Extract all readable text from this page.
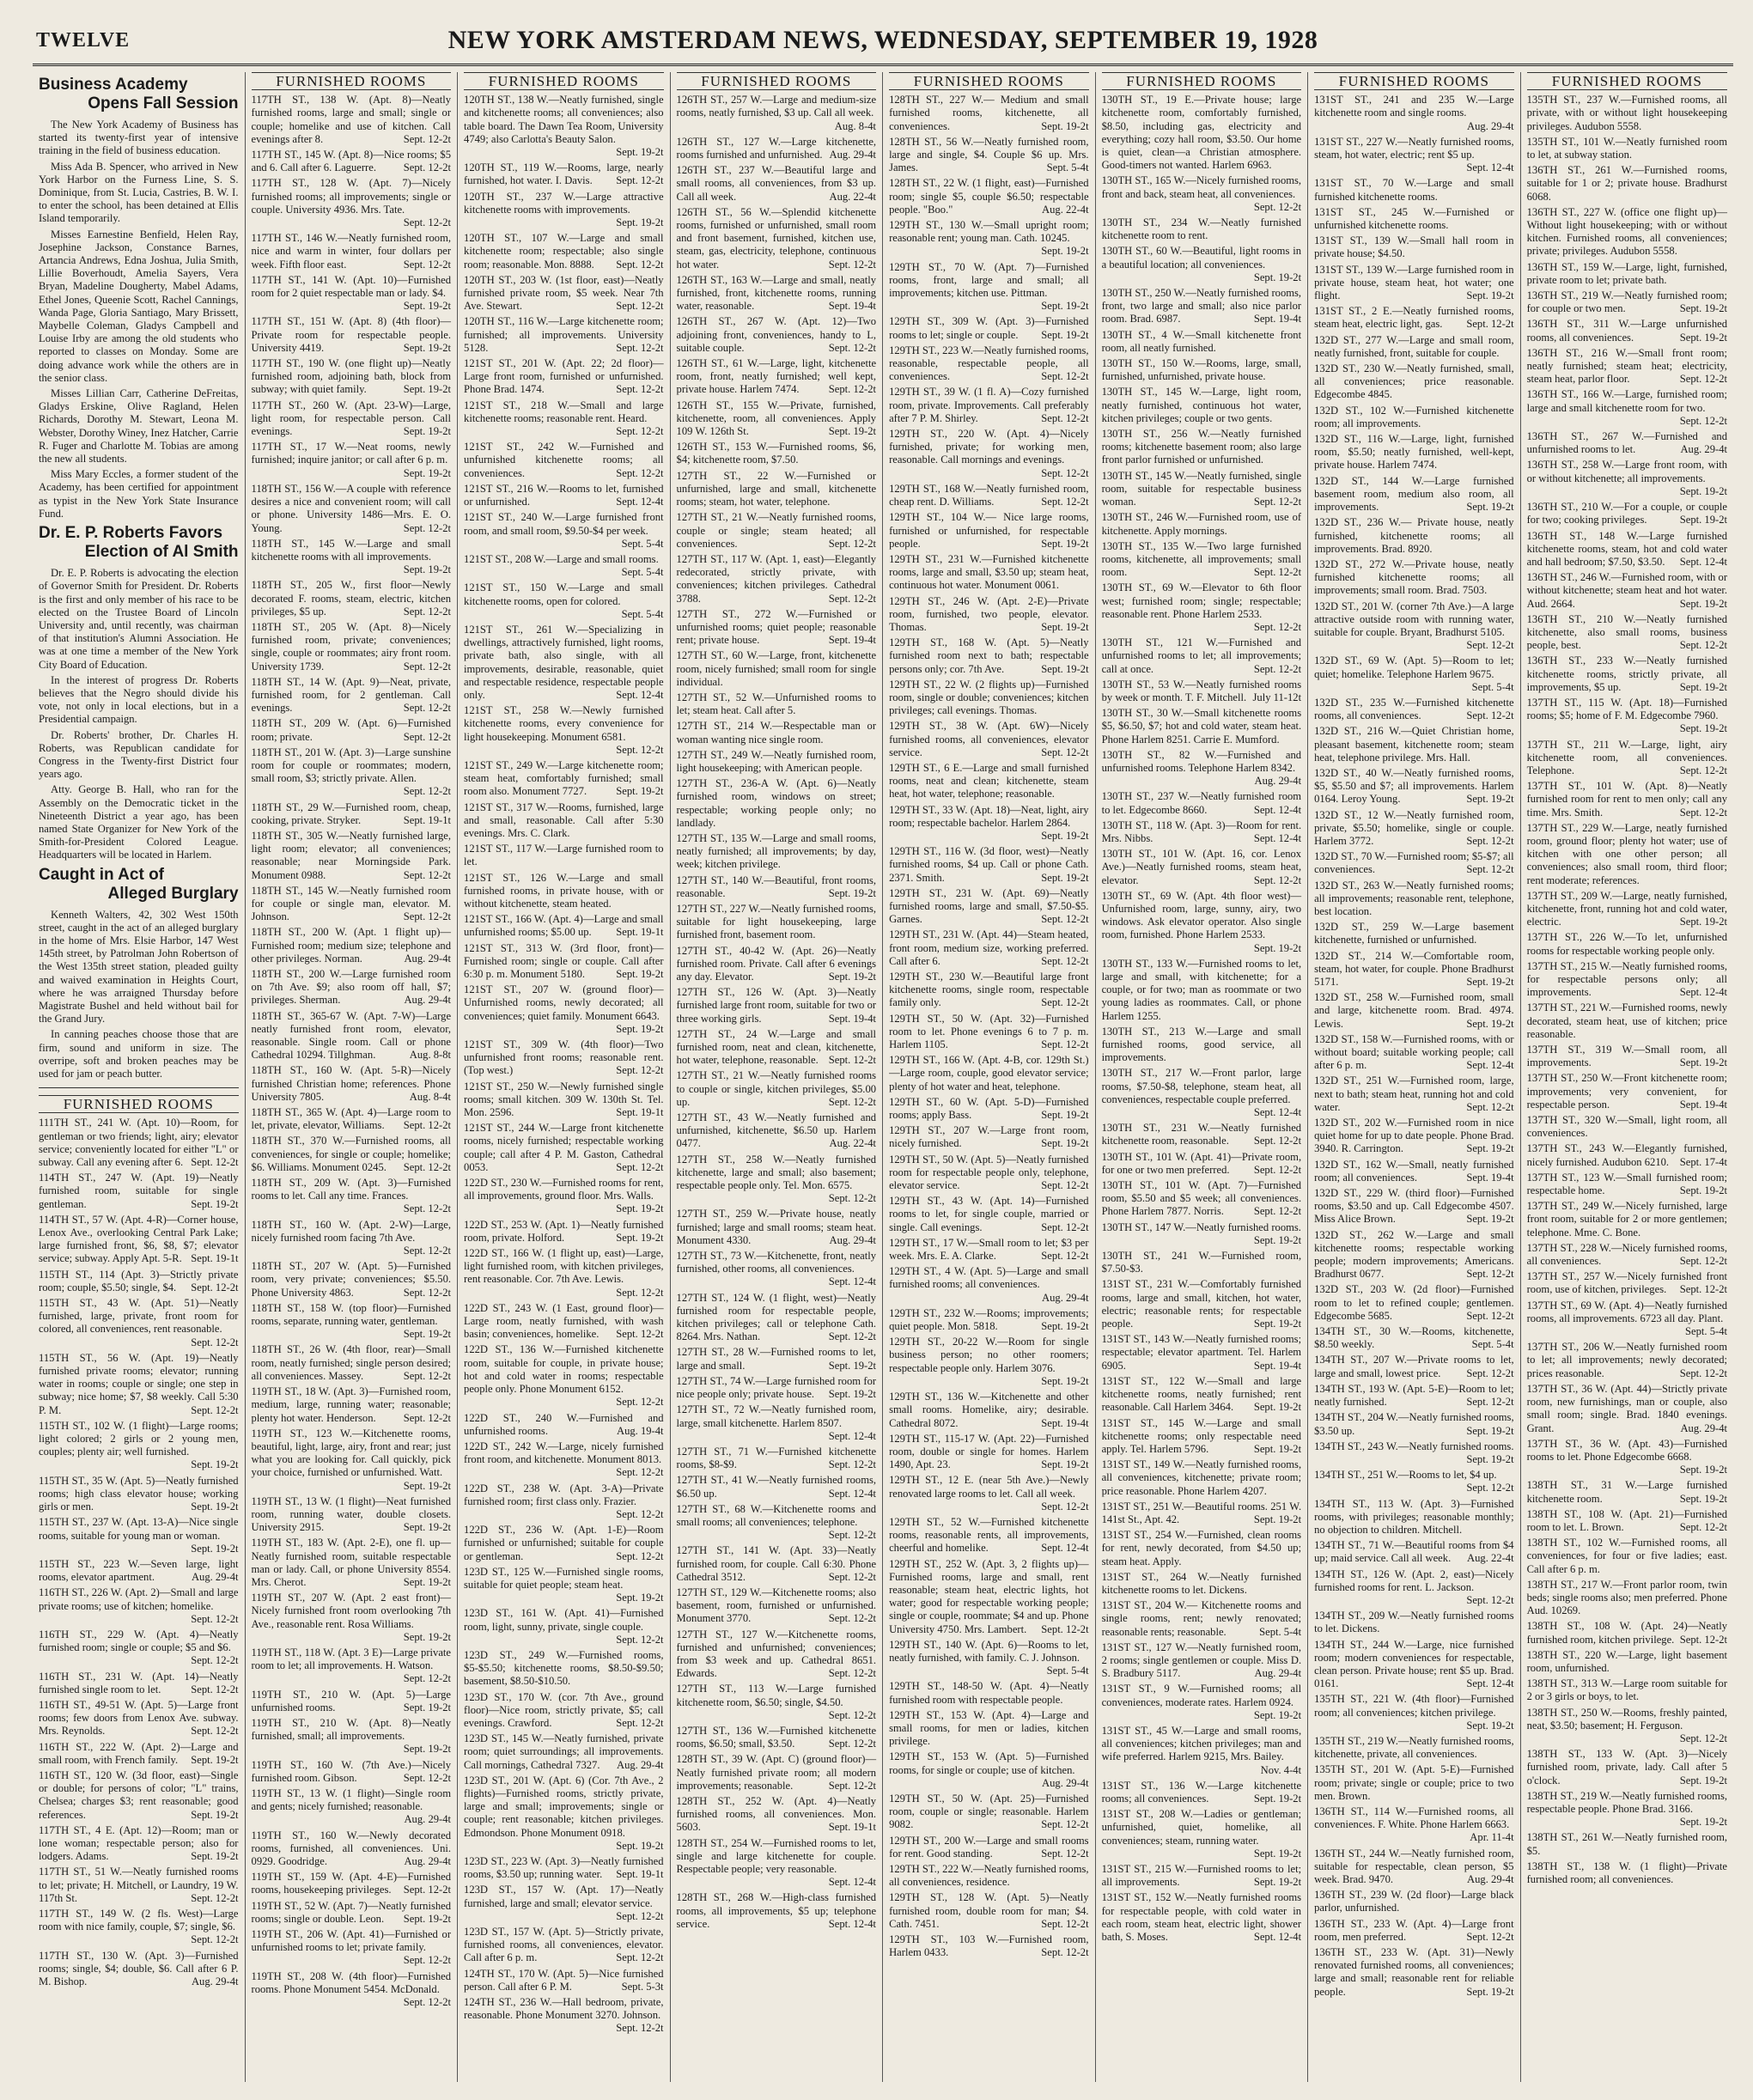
TWELVE	NEW YORK AMSTERDAM NEWS, WEDNESDAY, SEPTEMBER 19, 1928
Business Academy
Opens Fall Session

The New York Academy of Business has started its twenty-first year of intensive training in the field of business education.

Miss Ada B. Spencer, who arrived in New York Harbor on the Furness Line, S. S. Dominique, from St. Lucia, Castries, B. W. I. to enter the school, has been detained at Ellis Island temporarily.

Misses Earnestine Benfield, Helen Ray, Josephine Jackson, Constance Barnes, Artancia Andrews, Edna Joshua, Julia Smith, Lillie Boverhoudt, Amelia Sayers, Vera Bryan, Madeline Dougherty, Mabel Adams, Ethel Jones, Queenie Scott, Rachel Cannings, Wanda Page, Gloria Santiago, Mary Brissett, Maybelle Coleman, Gladys Campbell and Louise Irby are among the old students who reported to classes on Monday. Some are doing advance work while the others are in the senior class.

Misses Lillian Carr, Catherine DeFreitas, Gladys Erskine, Olive Ragland, Helen Richards, Dorothy M. Stewart, Leona M. Webster, Dorothy Winey, Inez Hatcher, Carrie R. Fuger and Charlotte M. Tobias are among the new all students.

Miss Mary Eccles, a former student of the Academy, has been certified for appointment as typist in the New York State Insurance Fund.

Dr. E. P. Roberts Favors
Election of Al Smith

Dr. E. P. Roberts is advocating the election of Governor Smith for President. Dr. Roberts is the first and only member of his race to be elected on the Trustee Board of Lincoln University and, until recently, was chairman of that institution's Alumni Association. He was at one time a member of the New York City Board of Education.

In the interest of progress Dr. Roberts believes that the Negro should divide his vote, not only in local elections, but in a Presidential campaign.

Dr. Roberts' brother, Dr. Charles H. Roberts, was Republican candidate for Congress in the Twenty-first District four years ago.

Atty. George B. Hall, who ran for the Assembly on the Democratic ticket in the Nineteenth District a year ago, has been named State Organizer for New York of the Smith-for-President Colored League. Headquarters will be located in Harlem.

Caught in Act of
Alleged Burglary

Kenneth Walters, 42, 302 West 150th street, caught in the act of an alleged burglary in the home of Mrs. Elsie Harbor, 147 West 145th street, by Patrolman John Robertson of the West 135th street station, pleaded guilty and waived examination in Heights Court, where he was arraigned Thursday before Magistrate Bushel and held without bail for the Grand Jury.

In canning peaches choose those that are firm, sound and uniform in size. The overripe, soft and broken peaches may be used for jam or peach butter.

FURNISHED ROOMS
111TH ST., 241 W. (Apt. 10)—Room, for gentleman or two friends; light, airy; elevator service; conveniently located for either "L" or subway. Call any evening after 6. Sept. 12-2t
114TH ST., 247 W. (Apt. 19)—Neatly furnished room, suitable for single gentleman.	Sept. 19-2t
114TH ST., 57 W. (Apt. 4-R)—Corner house, Lenox Ave., overlooking Central Park Lake; large furnished front, $6, $8, $7; elevator service; subway. Apply Apt. 5-R. Sept. 19-1t
115TH ST., 114 (Apt. 3)—Strictly private room; couple, $5.50; single, $4.	Sept. 12-2t
115TH ST., 43 W. (Apt. 51)—Neatly furnished, large, private, front room for colored, all conveniences, rent reasonable.
Sept. 12-2t
115TH ST., 56 W. (Apt. 19)—Neatly furnished private rooms; elevator; running water in rooms; couple or single; one step in subway; nice home; $7, $8 weekly. Call 5:30 P. M.	Sept. 12-2t
115TH ST., 102 W. (1 flight)—Large rooms; light colored; 2 girls or 2 young men, couples; plenty air; well furnished.
Sept. 19-2t
115TH ST., 35 W. (Apt. 5)—Neatly furnished rooms; high class elevator house; working girls or men.	Sept. 19-2t
115TH ST., 237 W. (Apt. 13-A)—Nice single rooms, suitable for young man or woman.
Sept. 19-2t
115TH ST., 223 W.—Seven large, light rooms, elevator apartment.	Aug. 29-4t
116TH ST., 226 W. (Apt. 2)—Small and large private rooms; use of kitchen; homelike.
Sept. 12-2t
116TH ST., 229 W. (Apt. 4)—Neatly furnished room; single or couple; $5 and $6.
Sept. 12-2t
116TH ST., 231 W. (Apt. 14)—Neatly furnished single room to let.	Sept. 12-2t
116TH ST., 49-51 W. (Apt. 5)—Large front rooms; few doors from Lenox Ave. subway. Mrs. Reynolds.	Sept. 12-2t
116TH ST., 222 W. (Apt. 2)—Large and small room, with French family.	Sept. 19-2t
116TH ST., 120 W. (3d floor, east)—Single or double; for persons of color; "L" trains, Chelsea; charges $3; rent reasonable; good references.	Sept. 19-2t
117TH ST., 4 E. (Apt. 12)—Room; man or lone woman; respectable person; also for lodgers. Adams.	Sept. 19-2t
117TH ST., 51 W.—Neatly furnished rooms to let; private; H. Mitchell, or Laundry, 19 W. 117th St.	Sept. 12-2t
117TH ST., 149 W. (2 fls. West)—Large room with nice family, couple, $7; single, $6.
Sept. 12-2t
117TH ST., 130 W. (Apt. 3)—Furnished rooms; single, $4; double, $6. Call after 6 P. M. Bishop.	Aug. 29-4t
FURNISHED ROOMS
117TH ST., 138 W. (Apt. 8)—Neatly furnished rooms, large and small; single or couple; homelike and use of kitchen. Call evenings after 8.	Sept. 12-2t
117TH ST., 145 W. (Apt. 8)—Nice rooms; $5 and 6. Call after 6. Laguerre.	Sept. 12-2t
117TH ST., 128 W. (Apt. 7)—Nicely furnished rooms; all improvements; single or couple. University 4936. Mrs. Tate.
Sept. 12-2t
117TH ST., 146 W.—Neatly furnished room, nice and warm in winter, four dollars per week. Fifth floor east.	Sept. 12-2t
117TH ST., 141 W. (Apt. 10)—Furnished room for 2 quiet respectable man or lady. $4.
Sept. 19-2t
117TH ST., 151 W. (Apt. 8) (4th floor)—Private room for respectable people. University 4419.	Sept. 19-2t
117TH ST., 190 W. (one flight up)—Neatly furnished room, adjoining bath, block from subway; with quiet family.	Sept. 19-2t
117TH ST., 260 W. (Apt. 23-W)—Large, light room, for respectable person. Call evenings.	Sept. 19-2t
117TH ST., 17 W.—Neat rooms, newly furnished; inquire janitor; or call after 6 p. m.
Sept. 19-2t
118TH ST., 156 W.—A couple with reference desires a nice and convenient room; will call or phone. University 1486—Mrs. E. O. Young.	Sept. 12-2t
118TH ST., 145 W.—Large and small kitchenette rooms with all improvements.
Sept. 19-2t
118TH ST., 205 W., first floor—Newly decorated F. rooms, steam, electric, kitchen privileges, $5 up.	Sept. 12-2t
118TH ST., 205 W. (Apt. 8)—Nicely furnished room, private; conveniences; single, couple or roommates; airy front room. University 1739.	Sept. 12-2t
118TH ST., 14 W. (Apt. 9)—Neat, private, furnished room, for 2 gentleman. Call evenings.	Sept. 12-2t
118TH ST., 209 W. (Apt. 6)—Furnished room; private.	Sept. 12-2t
118TH ST., 201 W. (Apt. 3)—Large sunshine room for couple or roommates; modern, small room, $3; strictly private. Allen.
Sept. 12-2t
118TH ST., 29 W.—Furnished room, cheap, cooking, private. Stryker.	Sept. 19-1t
118TH ST., 305 W.—Neatly furnished large, light room; elevator; all conveniences; reasonable; near Morningside Park. Monument 0988.	Sept. 12-2t
118TH ST., 145 W.—Neatly furnished room for couple or single man, elevator. M. Johnson.	Sept. 12-2t
118TH ST., 200 W. (Apt. 1 flight up)—Furnished room; medium size; telephone and other privileges. Norman.	Aug. 29-4t
118TH ST., 200 W.—Large furnished room on 7th Ave. $9; also room off hall, $7; privileges. Sherman.	Aug. 29-4t
118TH ST., 365-67 W. (Apt. 7-W)—Large neatly furnished front room, elevator, reasonable. Single room. Call or phone Cathedral 10294. Tillghman.	Aug. 8-8t
118TH ST., 160 W. (Apt. 5-R)—Nicely furnished Christian home; references. Phone University 7805.	Aug. 8-4t
118TH ST., 365 W. (Apt. 4)—Large room to let, private, elevator, Williams.	Sept. 12-2t
118TH ST., 370 W.—Furnished rooms, all conveniences, for single or couple; homelike; $6. Williams. Monument 0245.	Sept. 12-2t
118TH ST., 209 W. (Apt. 3)—Furnished rooms to let. Call any time. Frances.
Sept. 12-2t
118TH ST., 160 W. (Apt. 2-W)—Large, nicely furnished room facing 7th Ave.
Sept. 12-2t
118TH ST., 207 W. (Apt. 5)—Furnished room, very private; conveniences; $5.50. Phone University 4863.	Sept. 12-2t
118TH ST., 158 W. (top floor)—Furnished rooms, separate, running water, gentleman.
Sept. 19-2t
118TH ST., 26 W. (4th floor, rear)—Small room, neatly furnished; single person desired; all conveniences. Massey.	Sept. 12-2t
119TH ST., 18 W. (Apt. 3)—Furnished room, medium, large, running water; reasonable; plenty hot water. Henderson.	Sept. 12-2t
119TH ST., 123 W.—Kitchenette rooms, beautiful, light, large, airy, front and rear; just what you are looking for. Call quickly, pick your choice, furnished or unfurnished. Watt.
Sept. 19-2t
119TH ST., 13 W. (1 flight)—Neat furnished room, running water, double closets. University 2915.	Sept. 19-2t
119TH ST., 183 W. (Apt. 2-E), one fl. up—Neatly furnished room, suitable respectable man or lady. Call, or phone University 8554. Mrs. Cherot.	Sept. 19-2t
119TH ST., 207 W. (Apt. 2 east front)—Nicely furnished front room overlooking 7th Ave., reasonable rent. Rosa Williams.
Sept. 19-2t
119TH ST., 118 W. (Apt. 3 E)—Large private room to let; all improvements. H. Watson.
Sept. 12-2t
119TH ST., 210 W. (Apt. 5)—Large unfurnished rooms.	Sept. 19-2t
119TH ST., 210 W. (Apt. 8)—Neatly furnished, small; all improvements.
Sept. 19-2t
119TH ST., 160 W. (7th Ave.)—Nicely furnished room. Gibson.	Sept. 12-2t
119TH ST., 13 W. (1 flight)—Single room and gents; nicely furnished; reasonable.
Aug. 29-4t
119TH ST., 160 W.—Newly decorated rooms, furnished, all conveniences. Uni. 0929. Goodridge.	Aug. 29-4t
119TH ST., 159 W. (Apt. 4-E)—Furnished rooms, housekeeping privileges.	Sept. 12-2t
119TH ST., 52 W. (Apt. 7)—Neatly furnished rooms; single or double. Leon.	Sept. 19-2t
119TH ST., 206 W. (Apt. 41)—Furnished or unfurnished rooms to let; private family.
Sept. 12-2t
119TH ST., 208 W. (4th floor)—Furnished rooms. Phone Monument 5454. McDonald.
Sept. 12-2t
FURNISHED ROOMS
120TH ST., 138 W.—Neatly furnished, single and kitchenette rooms; all conveniences; also table board. The Dawn Tea Room, University 4749; also Carlotta's Beauty Salon.
Sept. 19-2t
120TH ST., 119 W.—Rooms, large, nearly furnished, hot water. I. Davis.	Sept. 12-2t
120TH ST., 237 W.—Large attractive kitchenette rooms with improvements.
Sept. 19-2t
120TH ST., 107 W.—Large and small kitchenette room; respectable; also single room; reasonable. Mon. 8888.	Sept. 12-2t
120TH ST., 203 W. (1st floor, east)—Neatly furnished private room, $5 week. Near 7th Ave. Stewart.	Sept. 12-2t
120TH ST., 116 W.—Large kitchenette room; furnished; all improvements. University 5128.	Sept. 12-2t
121ST ST., 201 W. (Apt. 22; 2d floor)—Large front room, furnished or unfurnished. Phone Brad. 1474.	Sept. 12-2t
121ST ST., 218 W.—Small and large kitchenette rooms; reasonable rent. Heard.
Sept. 12-2t
121ST ST., 242 W.—Furnished and unfurnished kitchenette rooms; all conveniences.	Sept. 12-2t
121ST ST., 216 W.—Rooms to let, furnished or unfurnished.	Sept. 12-4t
121ST ST., 240 W.—Large furnished front room, and small room, $9.50-$4 per week.
Sept. 5-4t
121ST ST., 208 W.—Large and small rooms.
Sept. 5-4t
121ST ST., 150 W.—Large and small kitchenette rooms, open for colored.
Sept. 5-4t
121ST ST., 261 W.—Specializing in dwellings, attractively furnished, light rooms, private bath, also single, with all improvements, desirable, reasonable, quiet and respectable residence, respectable people only.	Sept. 12-4t
121ST ST., 258 W.—Newly furnished kitchenette rooms, every convenience for light housekeeping. Monument 6581.
Sept. 12-2t
121ST ST., 249 W.—Large kitchenette room; steam heat, comfortably furnished; small room also. Monument 7727.	Sept. 19-2t
121ST ST., 317 W.—Rooms, furnished, large and small, reasonable. Call after 5:30 evenings. Mrs. C. Clark.
121ST ST., 117 W.—Large furnished room to let.
121ST ST., 126 W.—Large and small furnished rooms, in private house, with or without kitchenette, steam heated.
121ST ST., 166 W. (Apt. 4)—Large and small unfurnished rooms; $5.00 up.	Sept. 19-1t
121ST ST., 313 W. (3rd floor, front)—Furnished room; single or couple. Call after 6:30 p. m. Monument 5180.	Sept. 19-2t
121ST ST., 207 W. (ground floor)—Unfurnished rooms, newly decorated; all conveniences; quiet family. Monument 6643.
Sept. 19-2t
121ST ST., 309 W. (4th floor)—Two unfurnished front rooms; reasonable rent. (Top west.)	Sept. 12-2t
121ST ST., 250 W.—Newly furnished single rooms; small kitchen. 309 W. 130th St. Tel. Mon. 2596.	Sept. 19-1t
121ST ST., 244 W.—Large front kitchenette rooms, nicely furnished; respectable working couple; call after 4 P. M. Gaston, Cathedral 0053.	Sept. 12-2t
122D ST., 230 W.—Furnished rooms for rent, all improvements, ground floor. Mrs. Walls.
Sept. 19-2t
122D ST., 253 W. (Apt. 1)—Neatly furnished room, private. Holford.	Sept. 19-2t
122D ST., 166 W. (1 flight up, east)—Large, light furnished room, with kitchen privileges, rent reasonable. Cor. 7th Ave. Lewis.
Sept. 12-2t
122D ST., 243 W. (1 East, ground floor)—Large room, neatly furnished, with wash basin; conveniences, homelike.	Sept. 12-2t
122D ST., 136 W.—Furnished kitchenette room, suitable for couple, in private house; hot and cold water in rooms; respectable people only. Phone Monument 6152.
Sept. 12-2t
122D ST., 240 W.—Furnished and unfurnished rooms.	Aug. 19-4t
122D ST., 242 W.—Large, nicely furnished front room, and kitchenette. Monument 8013.
Sept. 12-2t
122D ST., 238 W. (Apt. 3-A)—Private furnished room; first class only. Frazier.
Sept. 12-2t
122D ST., 236 W. (Apt. 1-E)—Room furnished or unfurnished; suitable for couple or gentleman.	Sept. 12-2t
123D ST., 125 W.—Furnished single rooms, suitable for quiet people; steam heat.
Sept. 19-2t
123D ST., 161 W. (Apt. 41)—Furnished room, light, sunny, private, single couple.
Sept. 12-2t
123D ST., 249 W.—Furnished rooms, $5-$5.50; kitchenette rooms, $8.50-$9.50; basement, $8.50-$10.50.
123D ST., 170 W. (cor. 7th Ave., ground floor)—Nice room, strictly private, $5; call evenings. Crawford.	Sept. 12-2t
123D ST., 145 W.—Neatly furnished, private room; quiet surroundings; all improvements. Call mornings, Cathedral 7327.	Aug. 29-4t
123D ST., 201 W. (Apt. 6) (Cor. 7th Ave., 2 flights)—Furnished rooms, strictly private, large and small; improvements; single or couple; rent reasonable; kitchen privileges. Edmondson. Phone Monument 0918.
Sept. 19-2t
123D ST., 223 W. (Apt. 3)—Neatly furnished rooms, $3.50 up; running water.	Sept. 19-1t
123D ST., 157 W. (Apt. 17)—Neatly furnished, large and small; elevator service.
Sept. 12-2t
123D ST., 157 W. (Apt. 5)—Strictly private, furnished rooms, all conveniences, elevator. Call after 6 p. m.	Sept. 12-2t
124TH ST., 170 W. (Apt. 5)—Nice furnished person. Call after 6 P. M.	Sept. 5-3t
124TH ST., 236 W.—Hall bedroom, private, reasonable. Phone Monument 3270. Johnson.
Sept. 12-2t
FURNISHED ROOMS
126TH ST., 257 W.—Large and medium-size rooms, neatly furnished, $3 up. Call all week.
Aug. 8-4t
126TH ST., 127 W.—Large kitchenette, rooms furnished and unfurnished. Aug. 29-4t
126TH ST., 237 W.—Beautiful large and small rooms, all conveniences, from $3 up. Call all week.	Aug. 22-4t
126TH ST., 56 W.—Splendid kitchenette rooms, furnished or unfurnished, small room and front basement, furnished, kitchen use, steam, gas, electricity, telephone, continuous hot water.	Sept. 12-2t
126TH ST., 163 W.—Large and small, neatly furnished, front, kitchenette rooms, running water, reasonable.	Sept. 19-4t
126TH ST., 267 W. (Apt. 12)—Two adjoining front, conveniences, handy to L, suitable couple.	Sept. 12-2t
126TH ST., 61 W.—Large, light, kitchenette room, front, neatly furnished; well kept, private house. Harlem 7474.	Sept. 12-2t
126TH ST., 155 W.—Private, furnished, kitchenette, room, all conveniences. Apply 109 W. 126th St.	Sept. 19-2t
126TH ST., 153 W.—Furnished rooms, $6, $4; kitchenette room, $7.50.
127TH ST., 22 W.—Furnished or unfurnished, large and small, kitchenette rooms; steam, hot water, telephone.
127TH ST., 21 W.—Neatly furnished rooms, couple or single; steam heated; all conveniences.	Sept. 12-2t
127TH ST., 117 W. (Apt. 1, east)—Elegantly redecorated, strictly private, with conveniences; kitchen privileges. Cathedral 3788.	Sept. 12-2t
127TH ST., 272 W.—Furnished or unfurnished rooms; quiet people; reasonable rent; private house.	Sept. 19-4t
127TH ST., 60 W.—Large, front, kitchenette room, nicely furnished; small room for single individual.
127TH ST., 52 W.—Unfurnished rooms to let; steam heat. Call after 5.
127TH ST., 214 W.—Respectable man or woman wanting nice single room.
127TH ST., 249 W.—Neatly furnished room, light housekeeping; with American people.
127TH ST., 236-A W. (Apt. 6)—Neatly furnished room, windows on street; respectable; working people only; no landlady.
127TH ST., 135 W.—Large and small rooms, neatly furnished; all improvements; by day, week; kitchen privilege.
127TH ST., 140 W.—Beautiful, front rooms, reasonable.	Sept. 19-2t
127TH ST., 227 W.—Neatly furnished rooms, suitable for light housekeeping, large furnished front, basement room.
127TH ST., 40-42 W. (Apt. 26)—Neatly furnished room. Private. Call after 6 evenings any day. Elevator.	Sept. 19-2t
127TH ST., 126 W. (Apt. 3)—Neatly furnished large front room, suitable for two or three working girls.	Sept. 19-4t
127TH ST., 24 W.—Large and small furnished room, neat and clean, kitchenette, hot water, telephone, reasonable. Sept. 12-2t
127TH ST., 21 W.—Neatly furnished rooms to couple or single, kitchen privileges, $5.00 up.	Sept. 12-2t
127TH ST., 43 W.—Neatly furnished and unfurnished, kitchenette, $6.50 up. Harlem 0477.	Aug. 22-4t
127TH ST., 258 W.—Neatly furnished kitchenette, large and small; also basement; respectable people only. Tel. Mon. 6575.
Sept. 12-2t
127TH ST., 259 W.—Private house, neatly furnished; large and small rooms; steam heat. Monument 4330.	Aug. 29-4t
127TH ST., 73 W.—Kitchenette, front, neatly furnished, other rooms, all conveniences.
Sept. 12-4t
127TH ST., 124 W. (1 flight, west)—Neatly furnished room for respectable people, kitchen privileges; call or telephone Cath. 8264. Mrs. Nathan.	Sept. 12-2t
127TH ST., 28 W.—Furnished rooms to let, large and small.	Sept. 19-2t
127TH ST., 74 W.—Large furnished room for nice people only; private house.	Sept. 19-2t
127TH ST., 72 W.—Neatly furnished room, large, small kitchenette. Harlem 8507.
Sept. 12-4t
127TH ST., 71 W.—Furnished kitchenette rooms, $8-$9.	Sept. 12-2t
127TH ST., 41 W.—Neatly furnished rooms, $6.50 up.	Sept. 12-4t
127TH ST., 68 W.—Kitchenette rooms and small rooms; all conveniences; telephone.
Sept. 12-2t
127TH ST., 141 W. (Apt. 33)—Neatly furnished room, for couple. Call 6:30. Phone Cathedral 3512.	Sept. 12-2t
127TH ST., 129 W.—Kitchenette rooms; also basement, room, furnished or unfurnished. Monument 3770.	Sept. 12-2t
127TH ST., 127 W.—Kitchenette rooms, furnished and unfurnished; conveniences; from $3 week and up. Cathedral 8651. Edwards.	Sept. 12-2t
127TH ST., 113 W.—Large furnished kitchenette room, $6.50; single, $4.50.
Sept. 12-2t
127TH ST., 136 W.—Furnished kitchenette rooms, $6.50; small, $3.50.	Sept. 12-2t
128TH ST., 39 W. (Apt. C) (ground floor)—Neatly furnished private room; all modern improvements; reasonable.	Sept. 12-2t
128TH ST., 252 W. (Apt. 4)—Neatly furnished rooms, all conveniences. Mon. 5603.	Sept. 19-1t
128TH ST., 254 W.—Furnished rooms to let, single and large kitchenette for couple. Respectable people; very reasonable.
Sept. 12-4t
128TH ST., 268 W.—High-class furnished rooms, all improvements, $5 up; telephone service.	Sept. 12-4t
FURNISHED ROOMS
128TH ST., 227 W.— Medium and small furnished rooms, kitchenette, all conveniences.	Sept. 19-2t
128TH ST., 56 W.—Neatly furnished room, large and single, $4. Couple $6 up. Mrs. James.	Sept. 5-4t
128TH ST., 22 W. (1 flight, east)—Furnished room; single $5, couple $6.50; respectable people. "Boo."	Aug. 22-4t
129TH ST., 130 W.—Small upright room; reasonable rent; young man. Cath. 10245.
Sept. 19-2t
129TH ST., 70 W. (Apt. 7)—Furnished rooms, front, large and small; all improvements; kitchen use. Pittman.
Sept. 19-2t
129TH ST., 309 W. (Apt. 3)—Furnished rooms to let; single or couple.	Sept. 19-2t
129TH ST., 223 W.—Neatly furnished rooms, reasonable, respectable people, all conveniences.	Sept. 12-2t
129TH ST., 39 W. (1 fl. A)—Cozy furnished room, private. Improvements. Call preferably after 7 P. M. Shirley.	Sept. 12-2t
129TH ST., 220 W. (Apt. 4)—Nicely furnished, private; for working men, reasonable. Call mornings and evenings.
Sept. 12-2t
129TH ST., 168 W.—Neatly furnished room, cheap rent. D. Williams.	Sept. 12-2t
129TH ST., 104 W.— Nice large rooms, furnished or unfurnished, for respectable people.	Sept. 19-2t
129TH ST., 231 W.—Furnished kitchenette rooms, large and small, $3.50 up; steam heat, continuous hot water. Monument 0061.
129TH ST., 246 W. (Apt. 2-E)—Private room, furnished, two people, elevator. Thomas.	Sept. 19-2t
129TH ST., 168 W. (Apt. 5)—Neatly furnished room next to bath; respectable persons only; cor. 7th Ave.	Sept. 19-2t
129TH ST., 22 W. (2 flights up)—Furnished room, single or double; conveniences; kitchen privileges; call evenings. Thomas.
129TH ST., 38 W. (Apt. 6W)—Nicely furnished rooms, all conveniences, elevator service.	Sept. 12-2t
129TH ST., 6 E.—Large and small furnished rooms, neat and clean; kitchenette, steam heat, hot water, telephone; reasonable.
129TH ST., 33 W. (Apt. 18)—Neat, light, airy room; respectable bachelor. Harlem 2864.
Sept. 19-2t
129TH ST., 116 W. (3d floor, west)—Neatly furnished rooms, $4 up. Call or phone Cath. 2371. Smith.	Sept. 19-2t
129TH ST., 231 W. (Apt. 69)—Neatly furnished rooms, large and small, $7.50-$5. Garnes.	Sept. 12-2t
129TH ST., 231 W. (Apt. 44)—Steam heated, front room, medium size, working preferred. Call after 6.	Sept. 12-2t
129TH ST., 230 W.—Beautiful large front kitchenette rooms, single room, respectable family only.	Sept. 12-2t
129TH ST., 50 W. (Apt. 32)—Furnished room to let. Phone evenings 6 to 7 p. m. Harlem 1105.	Sept. 12-2t
129TH ST., 166 W. (Apt. 4-B, cor. 129th St.)—Large room, couple, good elevator service; plenty of hot water and heat, telephone.
129TH ST., 60 W. (Apt. 5-D)—Furnished rooms; apply Bass.	Sept. 19-2t
129TH ST., 207 W.—Large front room, nicely furnished.	Sept. 19-2t
129TH ST., 50 W. (Apt. 5)—Neatly furnished room for respectable people only, telephone, elevator service.	Sept. 12-2t
129TH ST., 43 W. (Apt. 14)—Furnished rooms to let, for single couple, married or single. Call evenings.	Sept. 12-2t
129TH ST., 17 W.—Small room to let; $3 per week. Mrs. E. A. Clarke.	Sept. 12-2t
129TH ST., 4 W. (Apt. 5)—Large and small furnished rooms; all conveniences.
Aug. 29-4t
129TH ST., 232 W.—Rooms; improvements; quiet people. Mon. 5818.	Sept. 19-2t
129TH ST., 20-22 W.—Room for single business person; no other roomers; respectable people only. Harlem 3076.
Sept. 19-2t
129TH ST., 136 W.—Kitchenette and other small rooms. Homelike, airy; desirable. Cathedral 8072.	Sept. 19-4t
129TH ST., 115-17 W. (Apt. 22)—Furnished room, double or single for homes. Harlem 1490, Apt. 23.	Sept. 19-2t
129TH ST., 12 E. (near 5th Ave.)—Newly renovated large rooms to let. Call all week.
Sept. 12-2t
129TH ST., 52 W.—Furnished kitchenette rooms, reasonable rents, all improvements, cheerful and homelike.	Sept. 12-4t
129TH ST., 252 W. (Apt. 3, 2 flights up)—Furnished rooms, large and small, rent reasonable; steam heat, electric lights, hot water; good for respectable working people; single or couple, roommate; $4 and up. Phone University 4750. Mrs. Lambert.	Sept. 12-2t
129TH ST., 140 W. (Apt. 6)—Rooms to let, neatly furnished, with family. C. J. Johnson.
Sept. 5-4t
129TH ST., 148-50 W. (Apt. 4)—Neatly furnished room with respectable people.
129TH ST., 153 W. (Apt. 4)—Large and small rooms, for men or ladies, kitchen privilege.
129TH ST., 153 W. (Apt. 5)—Furnished rooms, for single or couple; use of kitchen.
Aug. 29-4t
129TH ST., 50 W. (Apt. 25)—Furnished room, couple or single; reasonable. Harlem 9082.	Sept. 12-2t
129TH ST., 200 W.—Large and small rooms for rent. Good standing.	Sept. 12-2t
129TH ST., 222 W.—Neatly furnished rooms, all conveniences, residence.
129TH ST., 128 W. (Apt. 5)—Neatly furnished room, double room for man; $4. Cath. 7451.	Sept. 12-2t
129TH ST., 103 W.—Furnished room, Harlem 0433.	Sept. 12-2t
FURNISHED ROOMS
130TH ST., 19 E.—Private house; large kitchenette room, comfortably furnished, $8.50, including gas, electricity and everything; cozy hall room, $3.50. Our home is quiet, clean—a Christian atmosphere. Good-timers not wanted. Harlem 6963.
130TH ST., 165 W.—Nicely furnished rooms, front and back, steam heat, all conveniences.
Sept. 12-2t
130TH ST., 234 W.—Neatly furnished kitchenette room to rent.
130TH ST., 60 W.—Beautiful, light rooms in a beautiful location; all conveniences.
Sept. 19-2t
130TH ST., 250 W.—Neatly furnished rooms, front, two large and small; also nice parlor room. Brad. 6987.	Sept. 19-4t
130TH ST., 4 W.—Small kitchenette front room, all neatly furnished.
130TH ST., 150 W.—Rooms, large, small, furnished, unfurnished, private house.
130TH ST., 145 W.—Large, light room, neatly furnished, continuous hot water, kitchen privileges; couple or two gents.
130TH ST., 256 W.—Neatly furnished rooms; kitchenette basement room; also large front parlor furnished or unfurnished.
130TH ST., 145 W.—Neatly furnished, single room, suitable for respectable business woman.	Sept. 12-2t
130TH ST., 246 W.—Furnished room, use of kitchenette. Apply mornings.
130TH ST., 135 W.—Two large furnished rooms, kitchenette, all improvements; small room.	Sept. 12-2t
130TH ST., 69 W.—Elevator to 6th floor west; furnished room; single; respectable; reasonable rent. Phone Harlem 2533.
Sept. 12-2t
130TH ST., 121 W.—Furnished and unfurnished rooms to let; all improvements; call at once.	Sept. 12-2t
130TH ST., 53 W.—Neatly furnished rooms by week or month. T. F. Mitchell. July 11-12t
130TH ST., 30 W.—Small kitchenette rooms $5, $6.50, $7; hot and cold water, steam heat. Phone Harlem 8251. Carrie E. Mumford.
130TH ST., 82 W.—Furnished and unfurnished rooms. Telephone Harlem 8342.
Aug. 29-4t
130TH ST., 237 W.—Neatly furnished room to let. Edgecombe 8660.	Sept. 12-4t
130TH ST., 118 W. (Apt. 3)—Room for rent. Mrs. Nibbs.	Sept. 12-4t
130TH ST., 101 W. (Apt. 16, cor. Lenox Ave.)—Neatly furnished rooms, steam heat, elevator.	Sept. 12-2t
130TH ST., 69 W. (Apt. 4th floor west)—Unfurnished room, large, sunny, airy, two windows. Ask elevator operator. Also single room, furnished. Phone Harlem 2533.
Sept. 19-2t
130TH ST., 133 W.—Furnished rooms to let, large and small, with kitchenette; for a couple, or for two; man as roommate or two young ladies as roommates. Call, or phone Harlem 1255.
130TH ST., 213 W.—Large and small furnished rooms, good service, all improvements.
130TH ST., 217 W.—Front parlor, large rooms, $7.50-$8, telephone, steam heat, all conveniences, respectable couple preferred.
Sept. 12-4t
130TH ST., 231 W.—Neatly furnished kitchenette room, reasonable.	Sept. 12-2t
130TH ST., 101 W. (Apt. 41)—Private room, for one or two men preferred.	Sept. 12-2t
130TH ST., 101 W. (Apt. 7)—Furnished room, $5.50 and $5 week; all conveniences. Phone Harlem 7877. Norris.	Sept. 12-2t
130TH ST., 147 W.—Neatly furnished rooms.
Sept. 19-2t
130TH ST., 241 W.—Furnished room, $7.50-$3.
131ST ST., 231 W.—Comfortably furnished rooms, large and small, kitchen, hot water, electric; reasonable rents; for respectable people.	Sept. 19-2t
131ST ST., 143 W.—Neatly furnished rooms; respectable; elevator apartment. Tel. Harlem 6905.	Sept. 19-4t
131ST ST., 122 W.—Small and large kitchenette rooms, neatly furnished; rent reasonable. Call Harlem 3464.	Sept. 19-2t
131ST ST., 145 W.—Large and small kitchenette rooms; only respectable need apply. Tel. Harlem 5796.	Sept. 19-2t
131ST ST., 149 W.—Neatly furnished rooms, all conveniences, kitchenette; private room; price reasonable. Phone Harlem 4207.
131ST ST., 251 W.—Beautiful rooms. 251 W. 141st St., Apt. 42.	Sept. 19-2t
131ST ST., 254 W.—Furnished, clean rooms for rent, newly decorated, from $4.50 up; steam heat. Apply.
131ST ST., 264 W.—Neatly furnished kitchenette rooms to let. Dickens.
131ST ST., 204 W.— Kitchenette rooms and single rooms, rent; newly renovated; reasonable rents; reasonable.	Sept. 5-4t
131ST ST., 127 W.—Neatly furnished room, 2 rooms; single gentlemen or couple. Miss D. S. Bradbury 5117.	Aug. 29-4t
131ST ST., 9 W.—Furnished rooms; all conveniences, moderate rates. Harlem 0924.
Sept. 19-2t
131ST ST., 45 W.—Large and small rooms, all conveniences; kitchen privileges; man and wife preferred. Harlem 9215, Mrs. Bailey.
Nov. 4-4t
131ST ST., 136 W.—Large kitchenette rooms; all conveniences.	Sept. 19-2t
131ST ST., 208 W.—Ladies or gentleman; unfurnished, quiet, homelike, all conveniences; steam, running water.
Sept. 19-2t
131ST ST., 215 W.—Furnished rooms to let; all improvements.	Sept. 19-2t
131ST ST., 152 W.—Neatly furnished rooms for respectable people, with cold water in each room, steam heat, electric light, shower bath, S. Moses.	Sept. 12-4t
FURNISHED ROOMS
131ST ST., 241 and 235 W.—Large kitchenette room and single rooms.
Aug. 29-4t
131ST ST., 227 W.—Neatly furnished rooms, steam, hot water, electric; rent $5 up.
Sept. 12-4t
131ST ST., 70 W.—Large and small furnished kitchenette rooms.
131ST ST., 245 W.—Furnished or unfurnished kitchenette rooms.
131ST ST., 139 W.—Small hall room in private house; $4.50.
131ST ST., 139 W.—Large furnished room in private house, steam heat, hot water; one flight.	Sept. 19-2t
131ST ST., 2 E.—Neatly furnished rooms, steam heat, electric light, gas.	Sept. 12-2t
132D ST., 277 W.—Large and small room, neatly furnished, front, suitable for couple.
132D ST., 230 W.—Neatly furnished, small, all conveniences; price reasonable. Edgecombe 4845.
132D ST., 102 W.—Furnished kitchenette room; all improvements.
132D ST., 116 W.—Large, light, furnished room, $5.50; neatly furnished, well-kept, private house. Harlem 7474.
132D ST., 144 W.—Large furnished basement room, medium also room, all improvements.	Sept. 19-2t
132D ST., 236 W.— Private house, neatly furnished, kitchenette rooms; all improvements. Brad. 8920.
132D ST., 272 W.—Private house, neatly furnished kitchenette rooms; all improvements; small room. Brad. 7503.
132D ST., 201 W. (corner 7th Ave.)—A large attractive outside room with running water, suitable for couple. Bryant, Bradhurst 5105.
Sept. 12-2t
132D ST., 69 W. (Apt. 5)—Room to let; quiet; homelike. Telephone Harlem 9675.
Sept. 5-4t
132D ST., 235 W.—Furnished kitchenette rooms, all conveniences.	Sept. 12-2t
132D ST., 216 W.—Quiet Christian home, pleasant basement, kitchenette room; steam heat, telephone privilege. Mrs. Hall.
132D ST., 40 W.—Neatly furnished rooms, $5, $5.50 and $7; all improvements. Harlem 0164. Leroy Young.	Sept. 19-2t
132D ST., 12 W.—Neatly furnished room, private, $5.50; homelike, single or couple. Harlem 3772.	Sept. 12-2t
132D ST., 70 W.—Furnished room; $5-$7; all conveniences.	Sept. 12-2t
132D ST., 263 W.—Neatly furnished rooms; all improvements; reasonable rent, telephone, best location.
132D ST., 259 W.—Large basement kitchenette, furnished or unfurnished.
132D ST., 214 W.—Comfortable room, steam, hot water, for couple. Phone Bradhurst 5171.	Sept. 19-2t
132D ST., 258 W.—Furnished room, small and large, kitchenette room. Brad. 4974. Lewis.	Sept. 19-2t
132D ST., 158 W.—Furnished rooms, with or without board; suitable working people; call after 6 p. m.	Sept. 12-4t
132D ST., 251 W.—Furnished room, large, next to bath; steam heat, running hot and cold water.	Sept. 12-2t
132D ST., 202 W.—Furnished room in nice quiet home for up to date people. Phone Brad. 3940. R. Carrington.	Sept. 19-2t
132D ST., 162 W.—Small, neatly furnished room; all conveniences.	Sept. 19-4t
132D ST., 229 W. (third floor)—Furnished rooms, $3.50 and up. Call Edgecombe 4507. Miss Alice Brown.	Sept. 19-2t
132D ST., 262 W.—Large and small kitchenette rooms; respectable working people; modern improvements; Americans. Bradhurst 0677.	Sept. 12-2t
132D ST., 203 W. (2d floor)—Furnished room to let to refined couple; gentlemen. Edgecombe 5685.	Sept. 12-2t
134TH ST., 30 W.—Rooms, kitchenette, $8.50 weekly.	Sept. 5-4t
134TH ST., 207 W.—Private rooms to let, large and small, lowest price.	Sept. 12-2t
134TH ST., 193 W. (Apt. 5-E)—Room to let; neatly furnished.	Sept. 12-2t
134TH ST., 204 W.—Neatly furnished rooms, $3.50 up.	Sept. 19-2t
134TH ST., 243 W.—Neatly furnished rooms.
Sept. 19-2t
134TH ST., 251 W.—Rooms to let, $4 up.
Sept. 12-2t
134TH ST., 113 W. (Apt. 3)—Furnished rooms, with privileges; reasonable monthly; no objection to children. Mitchell.
134TH ST., 71 W.—Beautiful rooms from $4 up; maid service. Call all week.	Aug. 22-4t
134TH ST., 126 W. (Apt. 2, east)—Nicely furnished rooms for rent. L. Jackson.
Sept. 12-2t
134TH ST., 209 W.—Neatly furnished rooms to let. Dickens.
134TH ST., 244 W.—Large, nice furnished room; modern conveniences for respectable, clean person. Private house; rent $5 up. Brad. 0161.	Sept. 12-4t
135TH ST., 221 W. (4th floor)—Furnished room; all conveniences; kitchen privilege.
Sept. 19-2t
135TH ST., 219 W.—Neatly furnished rooms, kitchenette, private, all conveniences.
135TH ST., 201 W. (Apt. 5-E)—Furnished room; private; single or couple; price to two men. Brown.
136TH ST., 114 W.—Furnished rooms, all conveniences. F. White. Phone Harlem 6663.
Apr. 11-4t
136TH ST., 244 W.—Neatly furnished room, suitable for respectable, clean person, $5 week. Brad. 9470.	Aug. 29-4t
136TH ST., 239 W. (2d floor)—Large black parlor, unfurnished.
136TH ST., 233 W. (Apt. 4)—Large front room, men preferred.	Sept. 12-2t
136TH ST., 233 W. (Apt. 31)—Newly renovated furnished rooms, all conveniences; large and small; reasonable rent for reliable people.	Sept. 19-2t
FURNISHED ROOMS
135TH ST., 237 W.—Furnished rooms, all private, with or without light housekeeping privileges. Audubon 5558.
135TH ST., 101 W.—Neatly furnished room to let, at subway station.
136TH ST., 261 W.—Furnished rooms, suitable for 1 or 2; private house. Bradhurst 6068.
136TH ST., 227 W. (office one flight up)—Without light housekeeping; with or without kitchen. Furnished rooms, all conveniences; private; privileges. Audubon 5558.
136TH ST., 159 W.—Large, light, furnished, private room to let; private bath.
136TH ST., 219 W.—Neatly furnished room; for couple or two men.	Sept. 19-2t
136TH ST., 311 W.—Large unfurnished rooms, all conveniences.	Sept. 19-2t
136TH ST., 216 W.—Small front room; neatly furnished; steam heat; electricity, steam heat, parlor floor.	Sept. 12-2t
136TH ST., 166 W.—Large, furnished room; large and small kitchenette room for two.
Sept. 12-2t
136TH ST., 267 W.—Furnished and unfurnished rooms to let.	Aug. 29-4t
136TH ST., 258 W.—Large front room, with or without kitchenette; all improvements.
Sept. 19-2t
136TH ST., 210 W.—For a couple, or couple for two; cooking privileges.	Sept. 19-2t
136TH ST., 148 W.—Large furnished kitchenette rooms, steam, hot and cold water and hall bedroom; $7.50, $3.50.	Sept. 12-4t
136TH ST., 246 W.—Furnished room, with or without kitchenette; steam heat and hot water. Aud. 2664.	Sept. 19-2t
136TH ST., 210 W.—Neatly furnished kitchenette, also small rooms, business people, best.	Sept. 12-2t
136TH ST., 233 W.—Neatly furnished kitchenette rooms, strictly private, all improvements, $5 up.	Sept. 19-2t
137TH ST., 115 W. (Apt. 18)—Furnished rooms; $5; home of F. M. Edgecombe 7960.
Sept. 19-2t
137TH ST., 211 W.—Large, light, airy kitchenette room, all conveniences. Telephone.	Sept. 12-2t
137TH ST., 101 W. (Apt. 8)—Neatly furnished room for rent to men only; call any time. Mrs. Smith.	Sept. 12-2t
137TH ST., 229 W.—Large, neatly furnished room, ground floor; plenty hot water; use of kitchen with one other person; all conveniences; also small room, third floor; rent moderate; references.
137TH ST., 209 W.—Large, neatly furnished, kitchenette, front, running hot and cold water, electric.	Sept. 19-2t
137TH ST., 226 W.—To let, unfurnished rooms for respectable working people only.
137TH ST., 215 W.—Neatly furnished rooms, for respectable persons only; all improvements.	Sept. 12-4t
137TH ST., 221 W.—Furnished rooms, newly decorated, steam heat, use of kitchen; price reasonable.
137TH ST., 319 W.—Small room, all improvements.	Sept. 19-2t
137TH ST., 250 W.—Front kitchenette room; improvements; very convenient, for respectable person.	Sept. 19-4t
137TH ST., 320 W.—Small, light room, all conveniences.
137TH ST., 243 W.—Elegantly furnished, nicely furnished. Audubon 6210.	Sept. 17-4t
137TH ST., 123 W.—Small furnished room; respectable home.	Sept. 19-2t
137TH ST., 249 W.—Nicely furnished, large front room, suitable for 2 or more gentlemen; telephone. Mme. C. Bone.
137TH ST., 228 W.—Nicely furnished rooms, all conveniences.	Sept. 12-2t
137TH ST., 257 W.—Nicely furnished front room, use of kitchen, privileges.	Sept. 12-2t
137TH ST., 69 W. (Apt. 4)—Neatly furnished rooms, all improvements. 6723 all day. Plant.
Sept. 5-4t
137TH ST., 206 W.—Neatly furnished room to let; all improvements; newly decorated; prices reasonable.	Sept. 12-2t
137TH ST., 36 W. (Apt. 44)—Strictly private room, new furnishings, man or couple, also small room; single. Brad. 1840 evenings. Grant.	Aug. 29-4t
137TH ST., 36 W. (Apt. 43)—Furnished rooms to let. Phone Edgecombe 6668.
Sept. 19-2t
138TH ST., 31 W.—Large furnished kitchenette room.	Sept. 19-2t
138TH ST., 108 W. (Apt. 21)—Furnished room to let. L. Brown.	Sept. 12-2t
138TH ST., 102 W.—Furnished rooms, all conveniences, for four or five ladies; east. Call after 6 p. m.
138TH ST., 217 W.—Front parlor room, twin beds; single rooms also; men preferred. Phone Aud. 10269.
138TH ST., 108 W. (Apt. 24)—Neatly furnished room, kitchen privilege. Sept. 12-2t
138TH ST., 220 W.—Large, light basement room, unfurnished.
138TH ST., 313 W.—Large room suitable for 2 or 3 girls or boys, to let.
138TH ST., 250 W.—Rooms, freshly painted, neat, $3.50; basement; H. Ferguson.
Sept. 12-2t
138TH ST., 133 W. (Apt. 3)—Nicely furnished room, private, lady. Call after 5 o'clock.	Sept. 19-2t
138TH ST., 219 W.—Neatly furnished rooms, respectable people. Phone Brad. 3166.
Sept. 19-2t
138TH ST., 261 W.—Neatly furnished room, $5.
138TH ST., 138 W. (1 flight)—Private furnished room; all conveniences.
